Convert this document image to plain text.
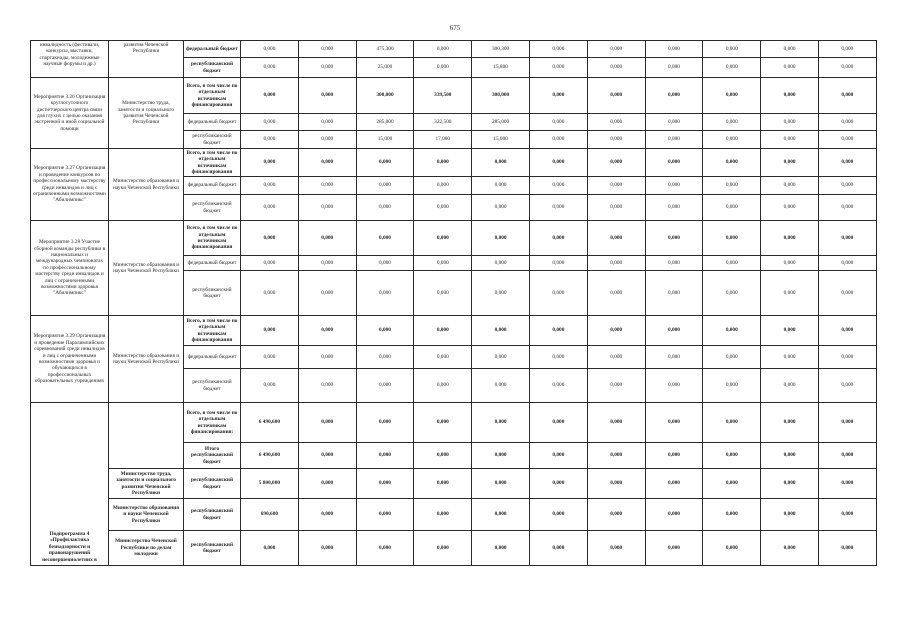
675
инвалидность (фестивали, конкурсы, выставки, спартакиады, молодежные научные форумы и др.)	развития Чеченской Республики	федеральный бюджет	0,000	0,000	475,300	0,000	300,300	0,000	0,000	0,000	0,000	0,000	0,000
		республиканский бюджет	0,000	0,000	25,000	0,000	15,800	0,000	0,000	0,000	0,000	0,000	0,000
Мероприятие 3.26 Организация круглосуточного диспетчерского центра связи для глухих с целью оказания экстренной и иной социальной помощи	Министерство труда, занятости и социального развития Чеченской Республики	Всего, в том числе по отдельным источникам финансирования	0,000	0,000	300,000	339,500	300,000	0,000	0,000	0,000	0,000	0,000	0,000
		федеральный бюджет	0,000	0,000	285,000	322,500	285,000	0,000	0,000	0,000	0,000	0,000	0,000
		республиканский бюджет	0,000	0,000	15,000	17,000	15,000	0,000	0,000	0,000	0,000	0,000	0,000
Мероприятие 3.27 Организация и проведение конкурсов по профессиональному мастерству среди инвалидов и лиц с ограниченными возможностями "Абилимпикс"	Министерство образования и науки Чеченской Республики	Всего, в том числе по отдельным источникам финансирования	0,000	0,000	0,000	0,000	0,000	0,000	0,000	0,000	0,000	0,000	0,000
		федеральный бюджет	0,000	0,000	0,000	0,000	0,000	0,000	0,000	0,000	0,000	0,000	0,000
		республиканский бюджет	0,000	0,000	0,000	0,000	0,000	0,000	0,000	0,000	0,000	0,000	0,000
Мероприятие 3.28 Участие сборной команды республики в национальных и международных чемпионатах по профессиональному мастерству среди инвалидов и лиц с ограниченными возможностями здоровья "Абилимпикс"	Министерство образования и науки Чеченской Республики	Всего, в том числе по отдельным источникам финансирования	0,000	0,000	0,000	0,000	0,000	0,000	0,000	0,000	0,000	0,000	0,000
		федеральный бюджет	0,000	0,000	0,000	0,000	0,000	0,000	0,000	0,000	0,000	0,000	0,000
		республиканский бюджет	0,000	0,000	0,000	0,000	0,000	0,000	0,000	0,000	0,000	0,000	0,000
Мероприятие 3.29 Организация и проведение Паралимпийских соревнований среди инвалидов и лиц с ограниченными возможностями здоровья и обучающихся в профессиональных образовательных учреждениях	Министерство образования и науки Чеченской Республики	Всего, в том числе по отдельным источникам финансирования	0,000	0,000	0,000	0,000	0,000	0,000	0,000	0,000	0,000	0,000	0,000
		федеральный бюджет	0,000	0,000	0,000	0,000	0,000	0,000	0,000	0,000	0,000	0,000	0,000
		республиканский бюджет	0,000	0,000	0,000	0,000	0,000	0,000	0,000	0,000	0,000	0,000	0,000
Подпрограмма 4 «Профилактика безнадзорности и правонарушений несовершеннолетних в		Всего, в том числе по отдельным источникам финансирования:	6 490,600	0,000	0,000	0,000	0,000	0,000	0,000	0,000	0,000	0,000	0,000
		Итого республиканский бюджет	6 490,600	0,000	0,000	0,000	0,000	0,000	0,000	0,000	0,000	0,000	0,000
	Министерство труда, занятости и социального развития Чеченской Республики	республиканский бюджет	5 800,000	0,000	0,000	0,000	0,000	0,000	0,000	0,000	0,000	0,000	0,000
	Министерство образования и науки Чеченской Республики	республиканский бюджет	690,600	0,000	0,000	0,000	0,000	0,000	0,000	0,000	0,000	0,000	0,000
	Министерство Чеченской Республики по делам молодежи	республиканский бюджет	0,000	0,000	0,000	0,000	0,000	0,000	0,000	0,000	0,000	0,000	0,000
